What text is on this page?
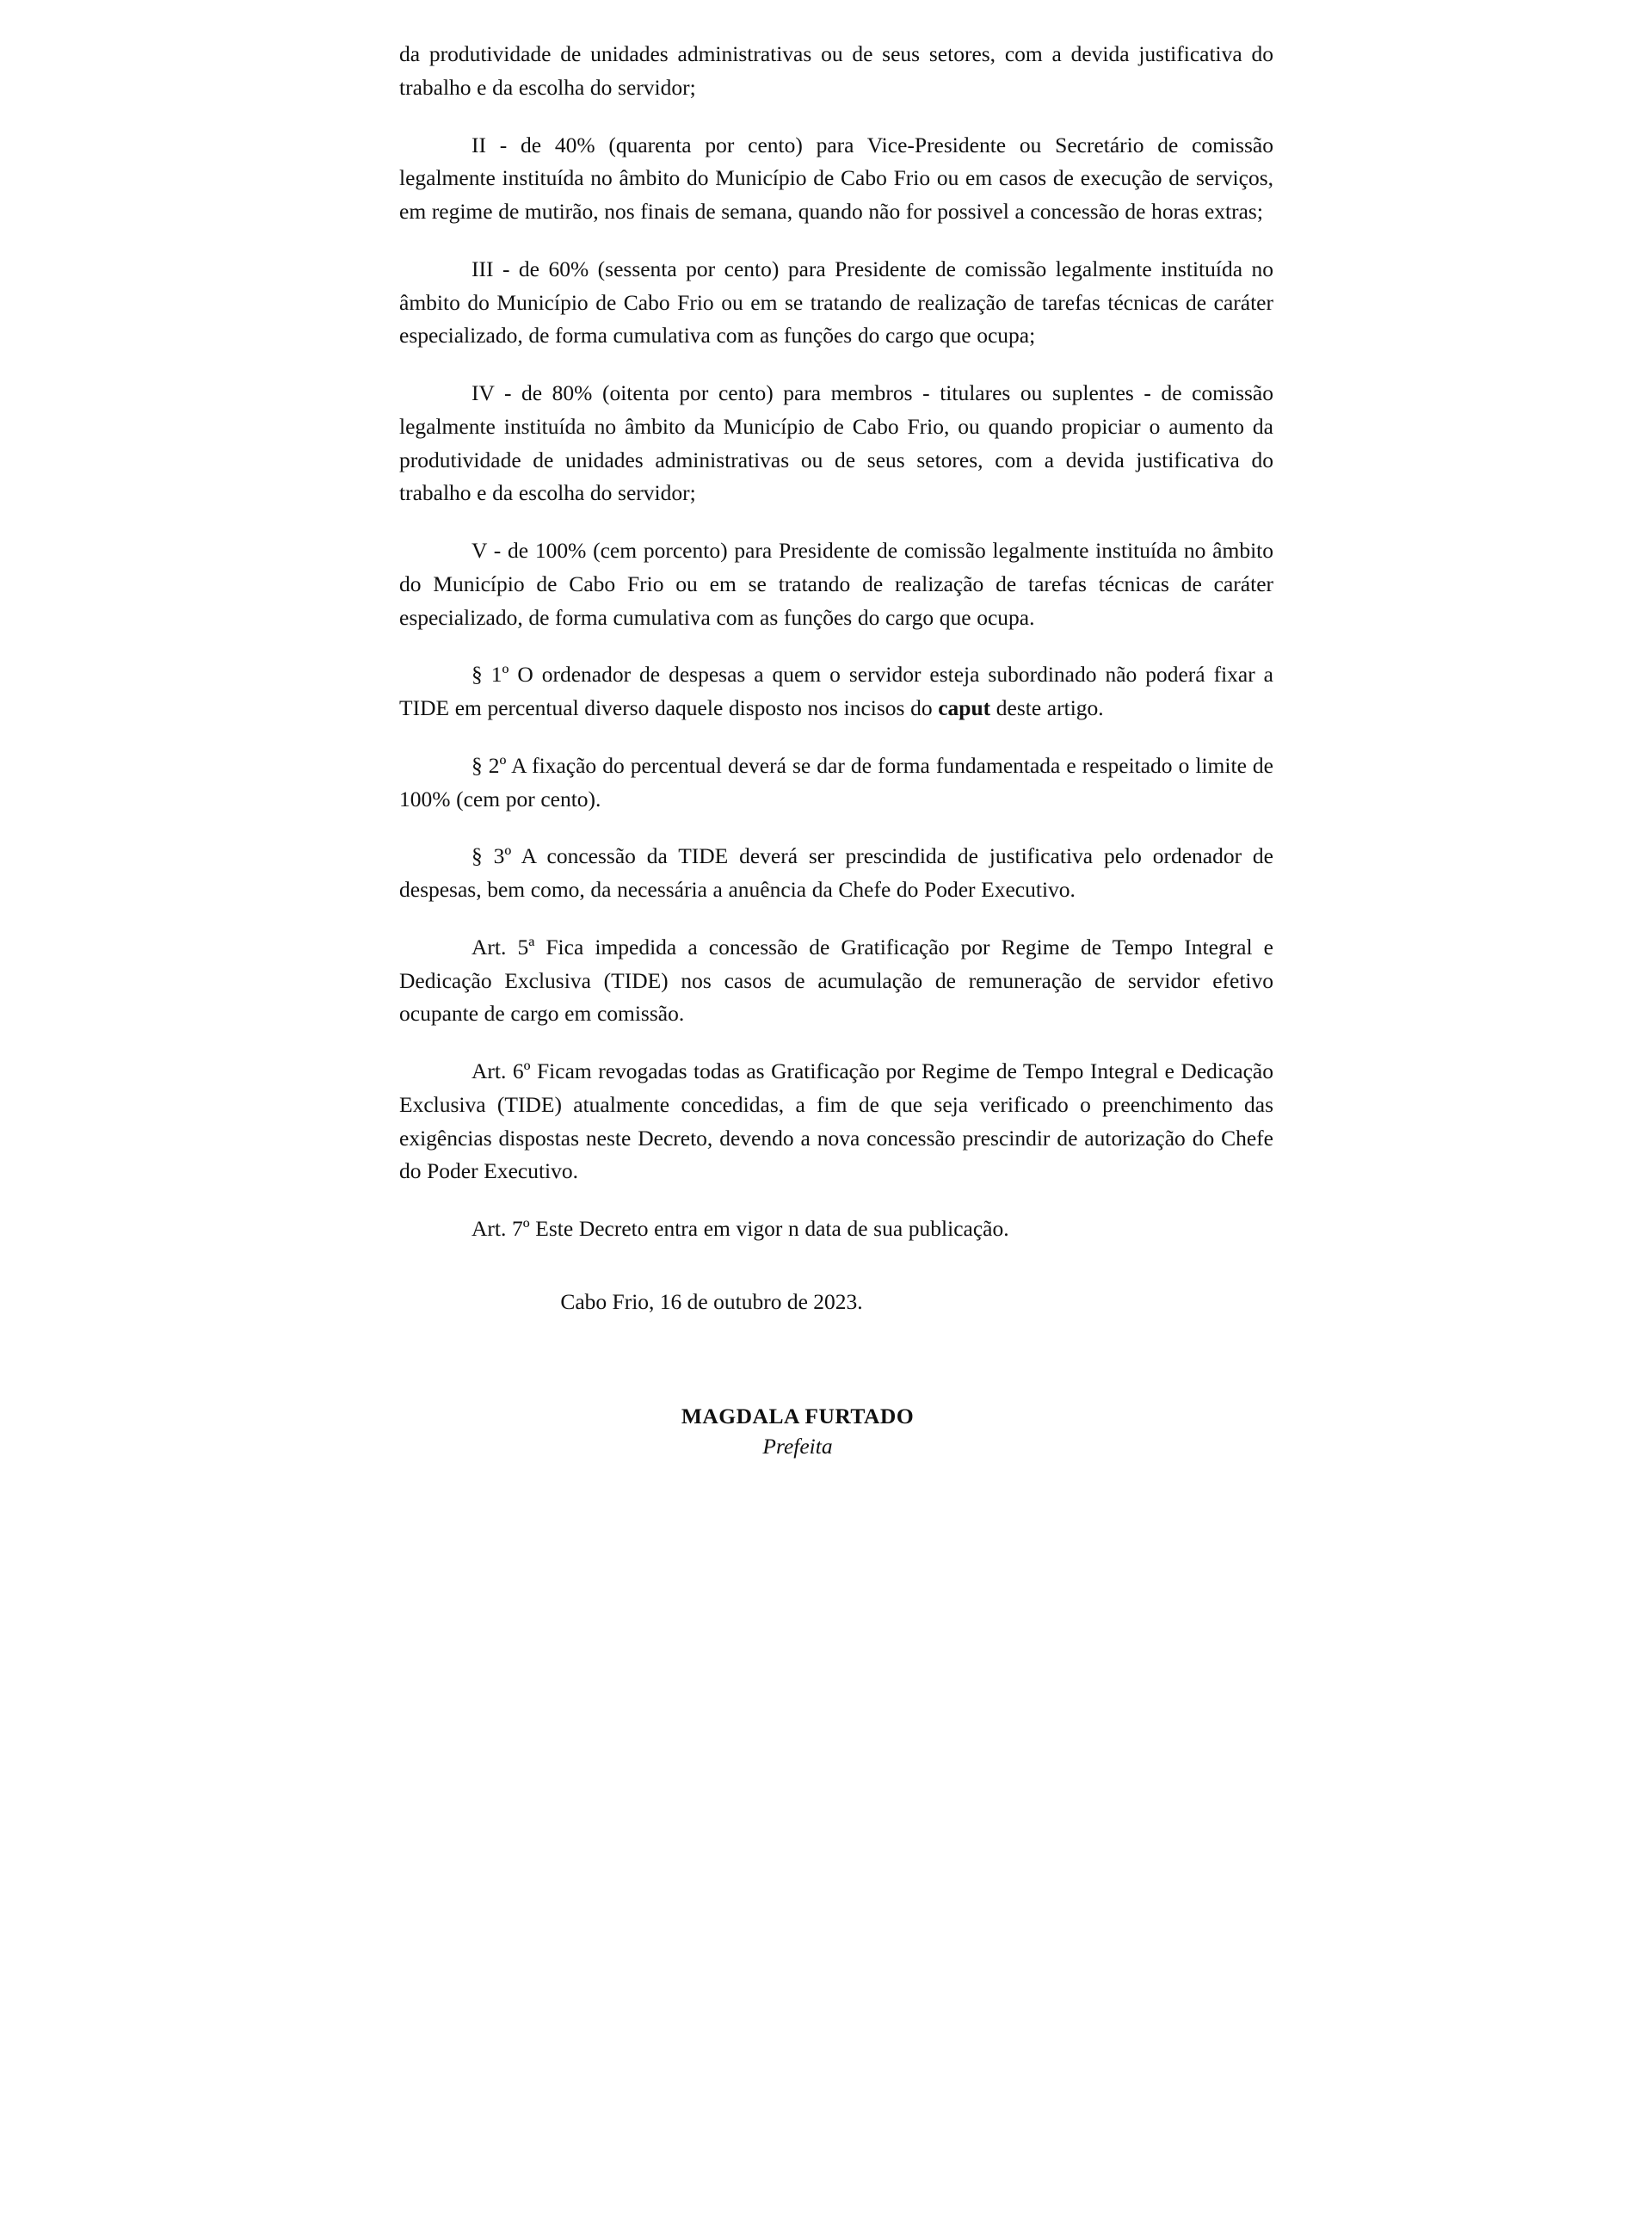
da produtividade de unidades administrativas ou de seus setores, com a devida justificativa do trabalho e da escolha do servidor;

II - de 40% (quarenta por cento) para Vice-Presidente ou Secretário de comissão legalmente instituída no âmbito do Município de Cabo Frio ou em casos de execução de serviços, em regime de mutirão, nos finais de semana, quando não for possivel a concessão de horas extras;

III - de 60% (sessenta por cento) para Presidente de comissão legalmente instituída no âmbito do Município de Cabo Frio ou em se tratando de realização de tarefas técnicas de caráter especializado, de forma cumulativa com as funções do cargo que ocupa;

IV - de 80% (oitenta por cento) para membros - titulares ou suplentes - de comissão legalmente instituída no âmbito da Município de Cabo Frio, ou quando propiciar o aumento da produtividade de unidades administrativas ou de seus setores, com a devida justificativa do trabalho e da escolha do servidor;

V - de 100% (cem porcento) para Presidente de comissão legalmente instituída no âmbito do Município de Cabo Frio ou em se tratando de realização de tarefas técnicas de caráter especializado, de forma cumulativa com as funções do cargo que ocupa.

§ 1º O ordenador de despesas a quem o servidor esteja subordinado não poderá fixar a TIDE em percentual diverso daquele disposto nos incisos do caput deste artigo.

§ 2º A fixação do percentual deverá se dar de forma fundamentada e respeitado o limite de 100% (cem por cento).

§ 3º A concessão da TIDE deverá ser prescindida de justificativa pelo ordenador de despesas, bem como, da necessária a anuência da Chefe do Poder Executivo.

Art. 5ª Fica impedida a concessão de Gratificação por Regime de Tempo Integral e Dedicação Exclusiva (TIDE) nos casos de acumulação de remuneração de servidor efetivo ocupante de cargo em comissão.

Art. 6º Ficam revogadas todas as Gratificação por Regime de Tempo Integral e Dedicação Exclusiva (TIDE) atualmente concedidas, a fim de que seja verificado o preenchimento das exigências dispostas neste Decreto, devendo a nova concessão prescindir de autorização do Chefe do Poder Executivo.

Art. 7º Este Decreto entra em vigor n data de sua publicação.

Cabo Frio, 16 de outubro de 2023.

MAGDALA FURTADO
Prefeita
